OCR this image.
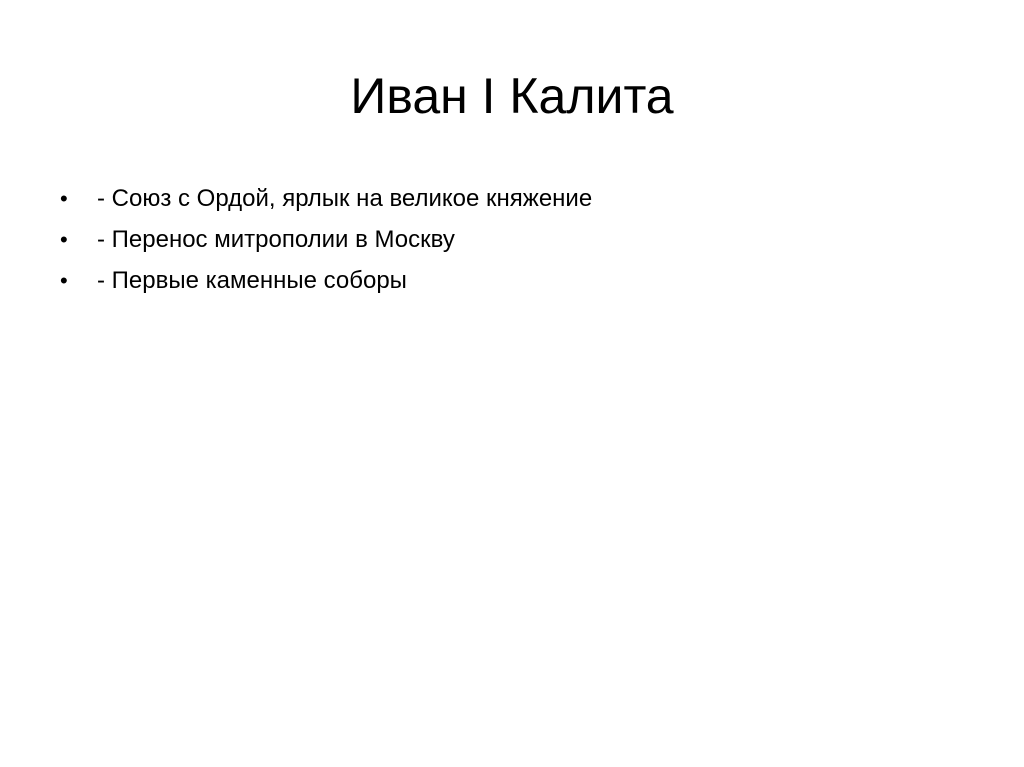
Иван I Калита
•	- Союз с Ордой, ярлык на великое княжение
•	- Перенос митрополии в Москву
•	- Первые каменные соборы
